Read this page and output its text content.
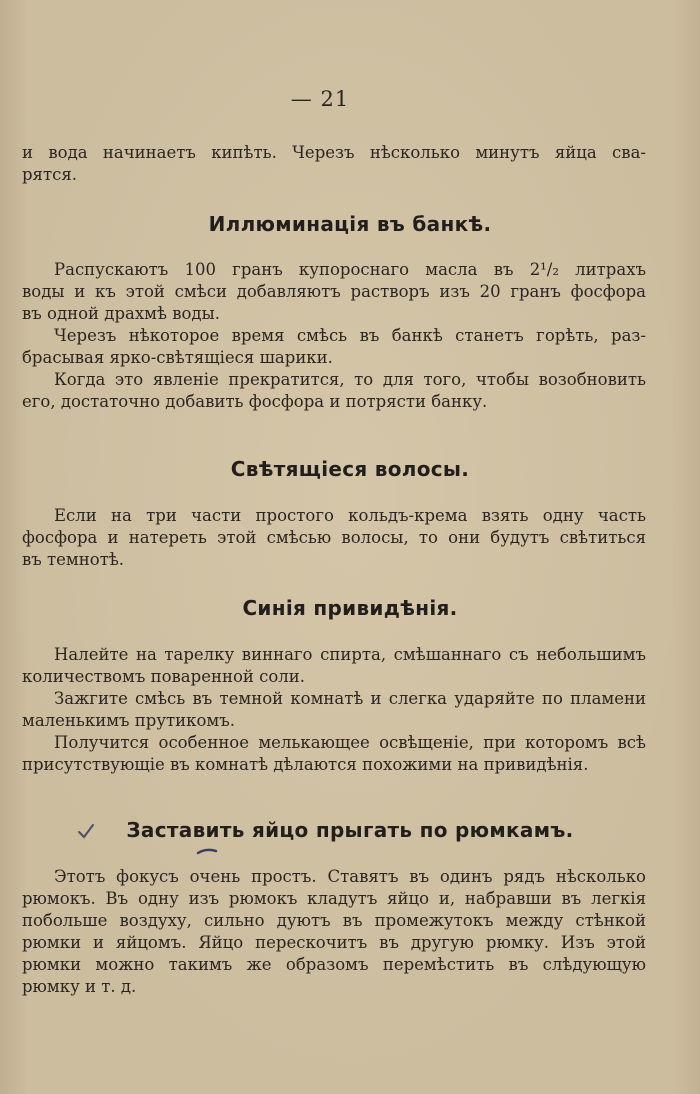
— 21
и вода начинаетъ кипѣть. Черезъ нѣсколько минутъ яйца сва-
рятся.
Иллюминація въ банкѣ.
Распускаютъ 100 гранъ купороснаго масла въ 2¹/₂ литрахъ
воды и къ этой смѣси добавляютъ растворъ изъ 20 гранъ фосфора
въ одной драхмѣ воды.
Черезъ нѣкоторое время смѣсь въ банкѣ станетъ горѣть, раз-
брасывая ярко-свѣтящіеся шарики.
Когда это явленіе прекратится, то для того, чтобы возобновить
его, достаточно добавить фосфора и потрясти банку.
Свѣтящіеся волосы.
Если на три части простого кольдъ-крема взять одну часть
фосфора и натереть этой смѣсью волосы, то они будутъ свѣтиться
въ темнотѣ.
Синія привидѣнія.
Налейте на тарелку виннаго спирта, смѣшаннаго съ небольшимъ
количествомъ поваренной соли.
Зажгите смѣсь въ темной комнатѣ и слегка ударяйте по пламени
маленькимъ прутикомъ.
Получится особенное мелькающее освѣщеніе, при которомъ всѣ
присутствующіе въ комнатѣ дѣлаются похожими на привидѣнія.
Заставить яйцо прыгать по рюмкамъ.
Этотъ фокусъ очень простъ. Ставятъ въ одинъ рядъ нѣсколько
рюмокъ. Въ одну изъ рюмокъ кладутъ яйцо и, набравши въ легкія
побольше воздуху, сильно дуютъ въ промежутокъ между стѣнкой
рюмки и яйцомъ. Яйцо перескочитъ въ другую рюмку. Изъ этой
рюмки можно такимъ же образомъ перемѣстить въ слѣдующую
рюмку и т. д.
